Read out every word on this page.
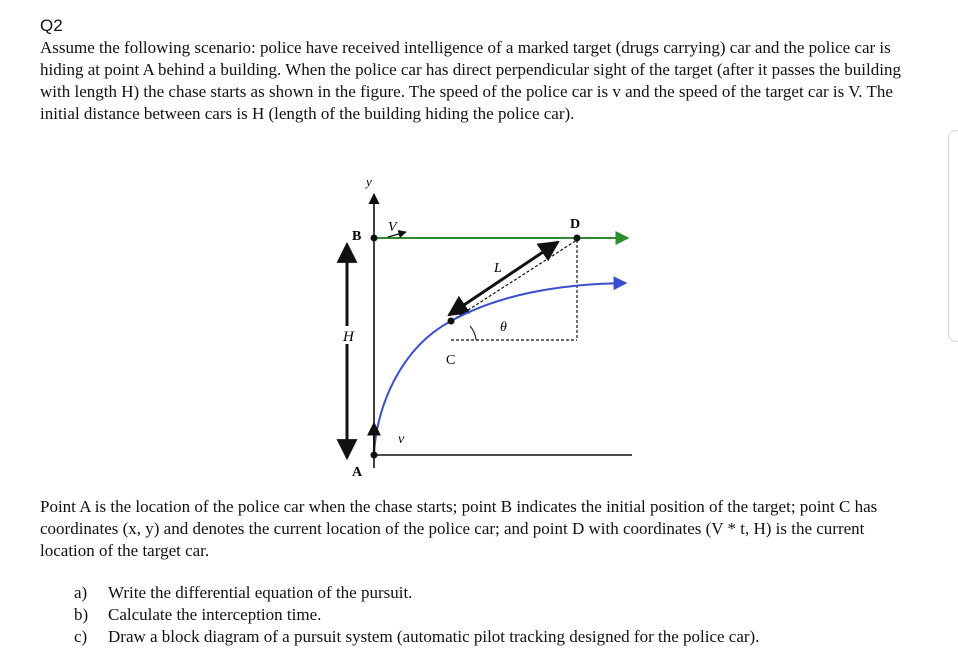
Q2

Assume the following scenario: police have received intelligence of a marked target (drugs carrying) car and the police car is hiding at point A behind a building. When the police car has direct perpendicular sight of the target (after it passes the building with length H) the chase starts as shown in the figure. The speed of the police car is v and the speed of the target car is V. The initial distance between cars is H (length of the building hiding the police car).

y
H
B
V	D
L
C
θ
A
v

Point A is the location of the police car when the chase starts; point B indicates the initial position of the target; point C has coordinates (x, y) and denotes the current location of the police car; and point D with coordinates (V * t, H) is the current location of the target car.

a)	Write the differential equation of the pursuit.
b)	Calculate the interception time.
c)	Draw a block diagram of a pursuit system (automatic pilot tracking designed for the police car).
